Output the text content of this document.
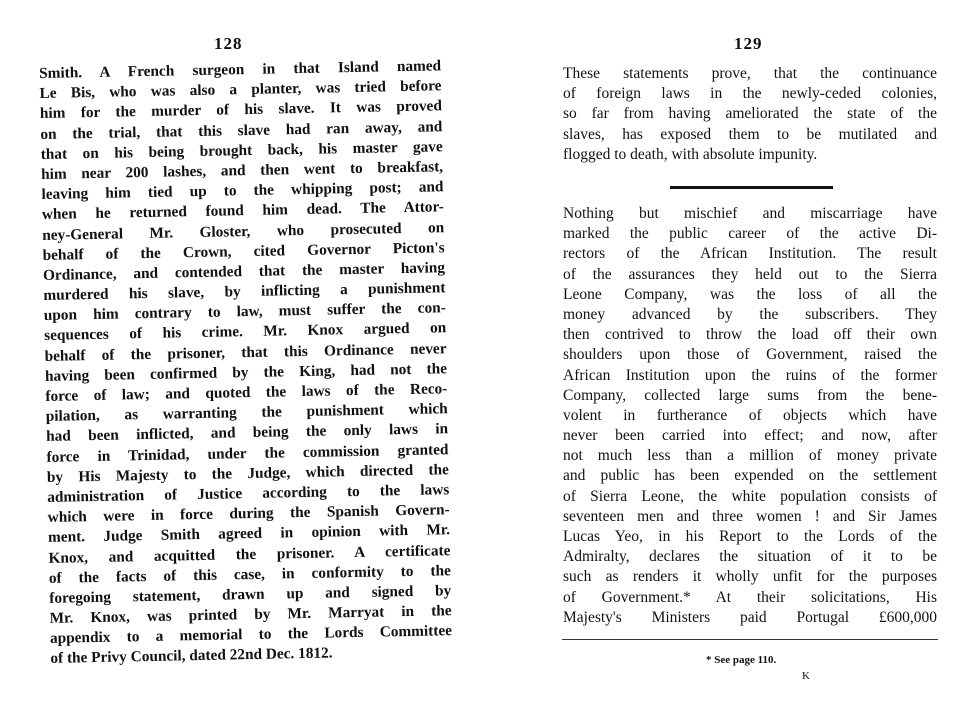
128
Smith. A French surgeon in that Island named
Le Bis, who was also a planter, was tried before
him for the murder of his slave. It was proved
on the trial, that this slave had ran away, and
that on his being brought back, his master gave
him near 200 lashes, and then went to breakfast,
leaving him tied up to the whipping post; and
when he returned found him dead. The Attor-
ney-General Mr. Gloster, who prosecuted on
behalf of the Crown, cited Governor Picton's
Ordinance, and contended that the master having
murdered his slave, by inflicting a punishment
upon him contrary to law, must suffer the con-
sequences of his crime. Mr. Knox argued on
behalf of the prisoner, that this Ordinance never
having been confirmed by the King, had not the
force of law; and quoted the laws of the Reco-
pilation, as warranting the punishment which
had been inflicted, and being the only laws in
force in Trinidad, under the commission granted
by His Majesty to the Judge, which directed the
administration of Justice according to the laws
which were in force during the Spanish Govern-
ment. Judge Smith agreed in opinion with Mr.
Knox, and acquitted the prisoner. A certificate
of the facts of this case, in conformity to the
foregoing statement, drawn up and signed by
Mr. Knox, was printed by Mr. Marryat in the
appendix to a memorial to the Lords Committee
of the Privy Council, dated 22nd Dec. 1812.
129
These statements prove, that the continuance
of foreign laws in the newly-ceded colonies,
so far from having ameliorated the state of the
slaves, has exposed them to be mutilated and
flogged to death, with absolute impunity.
Nothing but mischief and miscarriage have
marked the public career of the active Di-
rectors of the African Institution. The result
of the assurances they held out to the Sierra
Leone Company, was the loss of all the
money advanced by the subscribers. They
then contrived to throw the load off their own
shoulders upon those of Government, raised the
African Institution upon the ruins of the former
Company, collected large sums from the bene-
volent in furtherance of objects which have
never been carried into effect; and now, after
not much less than a million of money private
and public has been expended on the settlement
of Sierra Leone, the white population consists of
seventeen men and three women ! and Sir James
Lucas Yeo, in his Report to the Lords of the
Admiralty, declares the situation of it to be
such as renders it wholly unfit for the purposes
of Government.* At their solicitations, His
Majesty's Ministers paid Portugal £600,000
* See page 110.
K
